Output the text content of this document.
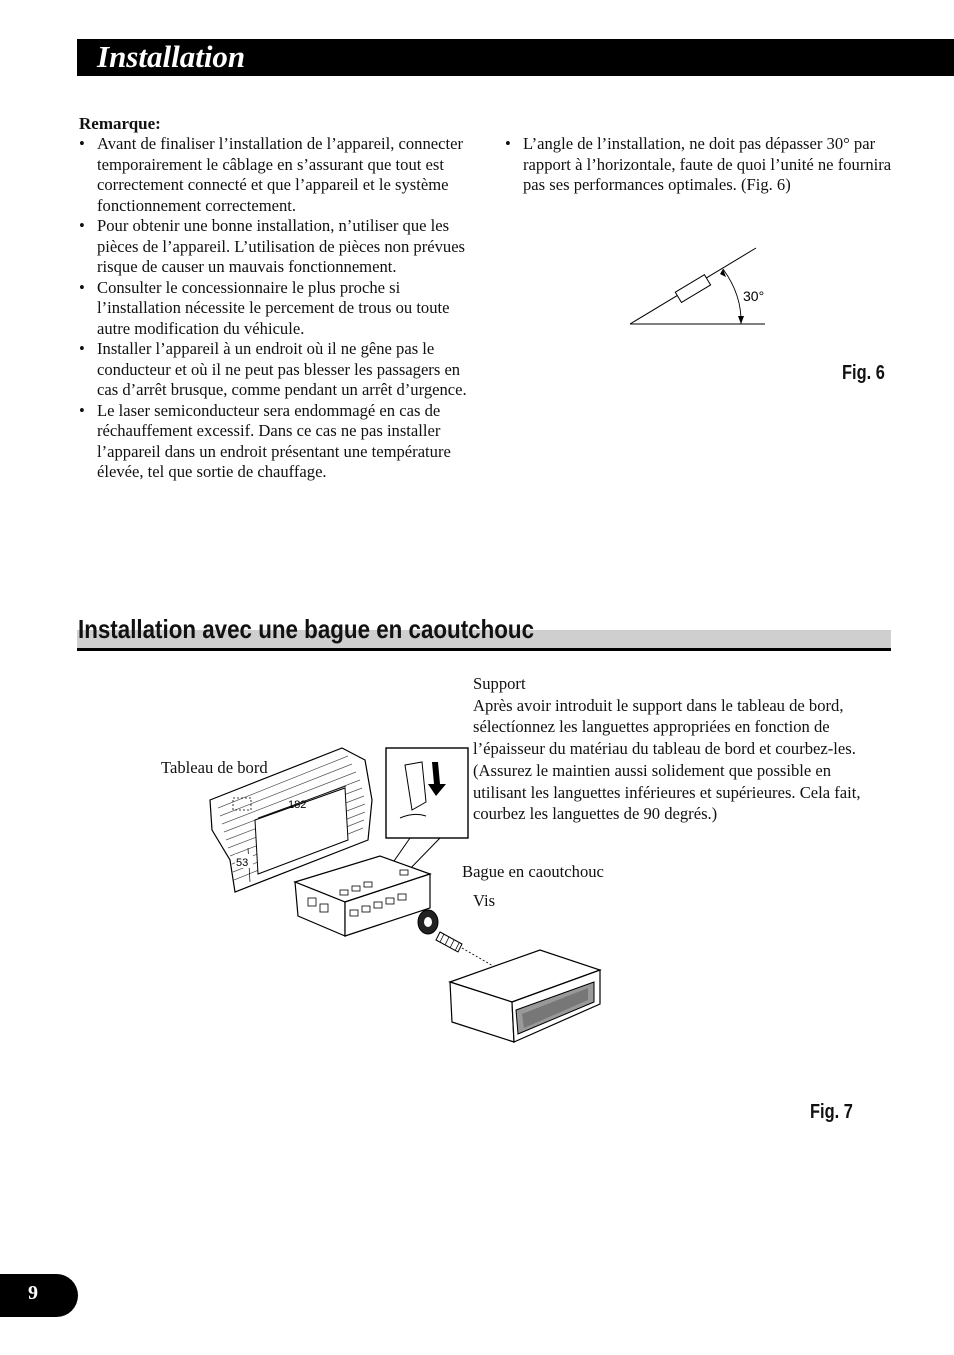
Installation
Remarque:
• Avant de finaliser l’installation de l’appareil, connecter temporairement le câblage en s’assurant que tout est correctement connecté et que l’appareil et le système fonctionnement correctement.
• Pour obtenir une bonne installation, n’utiliser que les pièces de l’appareil. L’utilisation de pièces non prévues risque de causer un mauvais fonctionnement.
• Consulter le concessionnaire le plus proche si l’installation nécessite le percement de trous ou toute autre modification du véhicule.
• Installer l’appareil à un endroit où il ne gêne pas le conducteur et où il ne peut pas blesser les passagers en cas d’arrêt brusque, comme pendant un arrêt d’urgence.
• Le laser semiconducteur sera endommagé en cas de réchauffement excessif. Dans ce cas ne pas installer l’appareil dans un endroit présentant une température élevée, tel que sortie de chauffage.
• L’angle de l’installation, ne doit pas dépasser 30° par rapport à l’horizontale, faute de quoi l’unité ne fournira pas ses performances optimales. (Fig. 6)
30°
Fig. 6
Installation avec une bague en caoutchouc

Support

Après avoir introduit le support dans le tableau de bord, sélectíonnez les languettes appropriées en fonction de l’épaisseur du matériau du tableau de bord et courbez-les.

(Assurez le maintien aussi solidement que possible en utilisant les languettes inférieures et supérieures. Cela fait, courbez les languettes de 90 degrés.)

Tableau de bord
Bague en caoutchouc
Vis
182
53
Fig. 7
9
